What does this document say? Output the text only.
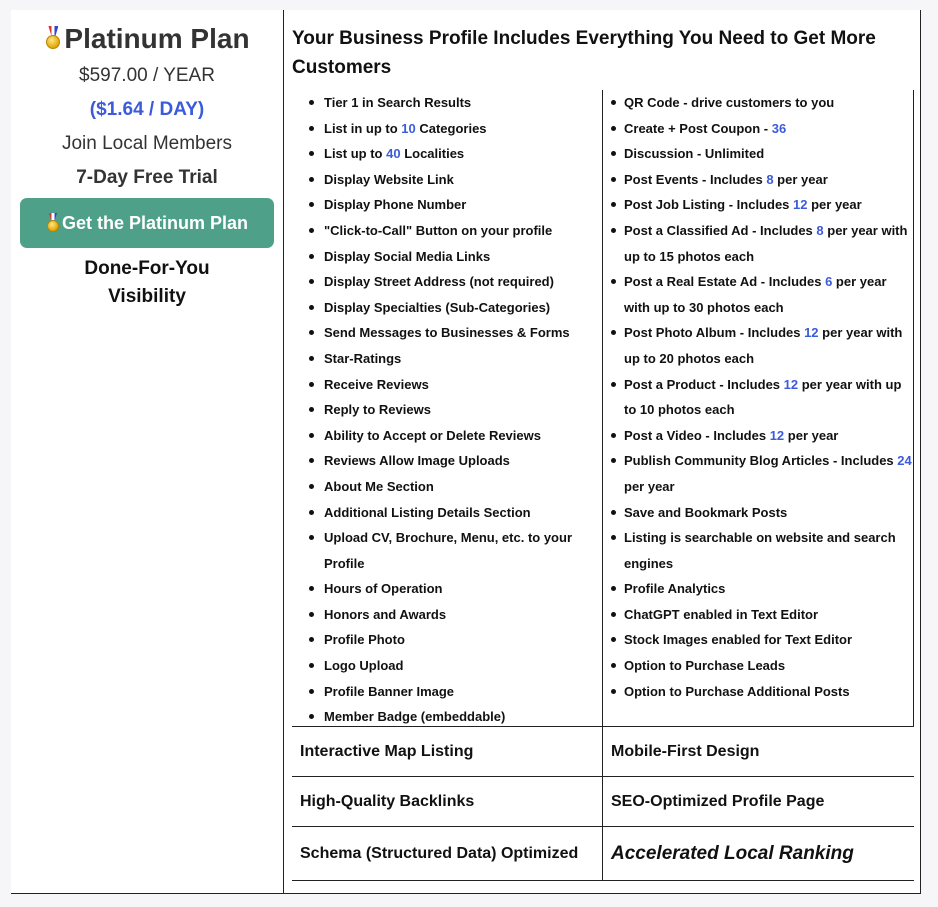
Platinum Plan
$597.00 / YEAR
($1.64 / DAY)
Join Local Members
7-Day Free Trial
Get the Platinum Plan
Done-For-You Visibility
Your Business Profile Includes Everything You Need to Get More Customers
Tier 1 in Search Results
List in up to 10 Categories
List up to 40 Localities
Display Website Link
Display Phone Number
"Click-to-Call" Button on your profile
Display Social Media Links
Display Street Address (not required)
Display Specialties (Sub-Categories)
Send Messages to Businesses & Forms
Star-Ratings
Receive Reviews
Reply to Reviews
Ability to Accept or Delete Reviews
Reviews Allow Image Uploads
About Me Section
Additional Listing Details Section
Upload CV, Brochure, Menu, etc. to your Profile
Hours of Operation
Honors and Awards
Profile Photo
Logo Upload
Profile Banner Image
Member Badge (embeddable)
QR Code - drive customers to you
Create + Post Coupon - 36
Discussion - Unlimited
Post Events - Includes 8 per year
Post Job Listing - Includes 12 per year
Post a Classified Ad - Includes 8 per year with up to 15 photos each
Post a Real Estate Ad - Includes 6 per year with up to 30 photos each
Post Photo Album - Includes 12 per year with up to 20 photos each
Post a Product - Includes 12 per year with up to 10 photos each
Post a Video - Includes 12 per year
Publish Community Blog Articles - Includes 24 per year
Save and Bookmark Posts
Listing is searchable on website and search engines
Profile Analytics
ChatGPT enabled in Text Editor
Stock Images enabled for Text Editor
Option to Purchase Leads
Option to Purchase Additional Posts
Interactive Map Listing	Mobile-First Design
High-Quality Backlinks	SEO-Optimized Profile Page
Schema (Structured Data) Optimized	Accelerated Local Ranking
